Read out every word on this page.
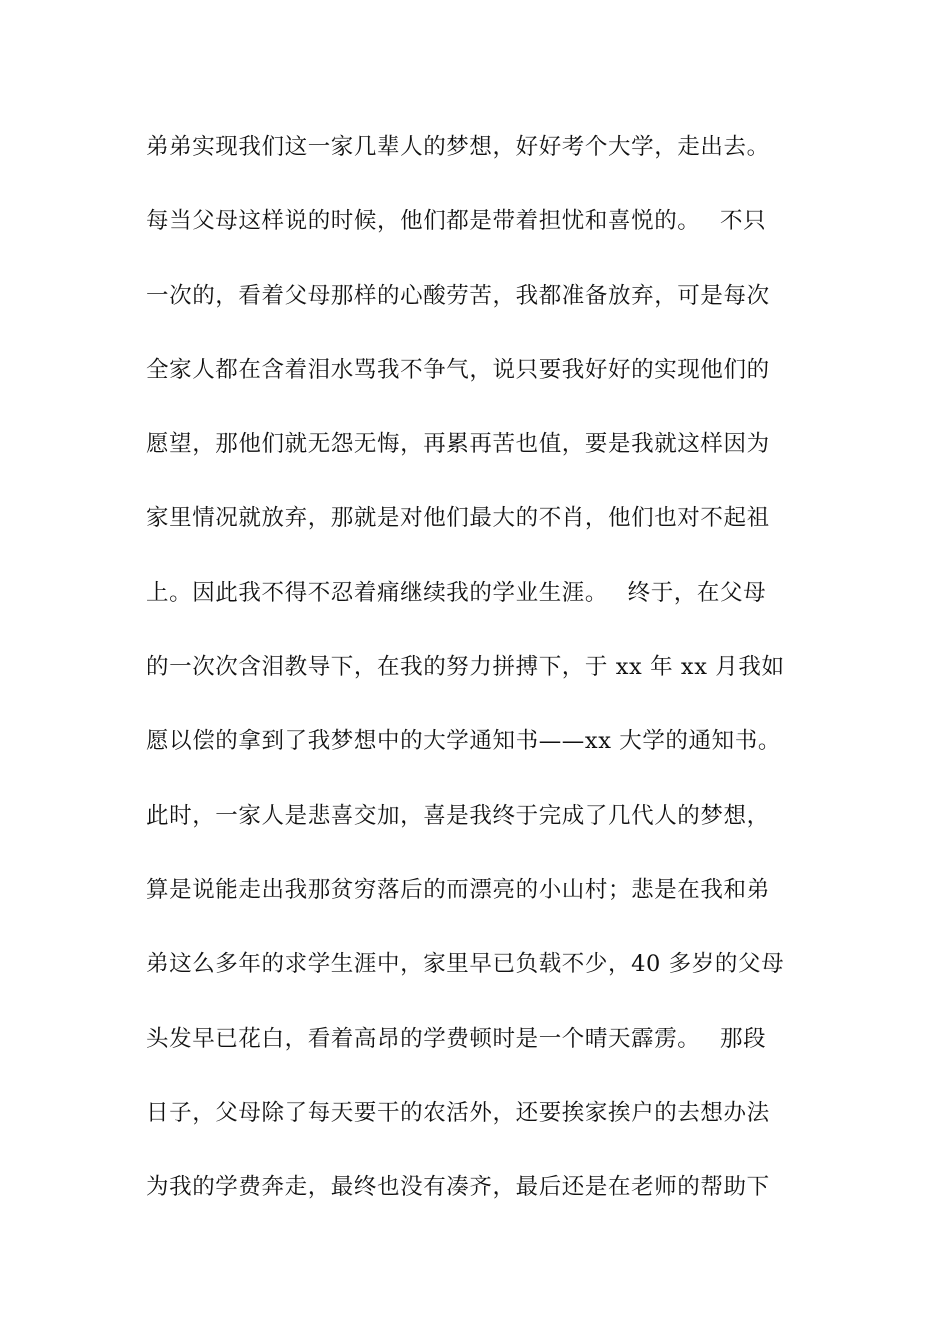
弟弟实现我们这一家几辈人的梦想，好好考个大学，走出去。
每当父母这样说的时候，他们都是带着担忧和喜悦的。　 不只
一次的，看着父母那样的心酸劳苦，我都准备放弃，可是每次
全家人都在含着泪水骂我不争气，说只要我好好的实现他们的
愿望，那他们就无怨无悔，再累再苦也值，要是我就这样因为
家里情况就放弃，那就是对他们最大的不肖，他们也对不起祖
上。因此我不得不忍着痛继续我的学业生涯。　 终于，在父母
的一次次含泪教导下，在我的努力拼搏下，于 xx 年 xx 月我如
愿以偿的拿到了我梦想中的大学通知书——xx 大学的通知书。
此时，一家人是悲喜交加，喜是我终于完成了几代人的梦想，
算是说能走出我那贫穷落后的而漂亮的小山村；悲是在我和弟
弟这么多年的求学生涯中，家里早已负载不少，40 多岁的父母
头发早已花白，看着高昂的学费顿时是一个晴天霹雳。　 那段
日子，父母除了每天要干的农活外，还要挨家挨户的去想办法
为我的学费奔走，最终也没有凑齐，最后还是在老师的帮助下
